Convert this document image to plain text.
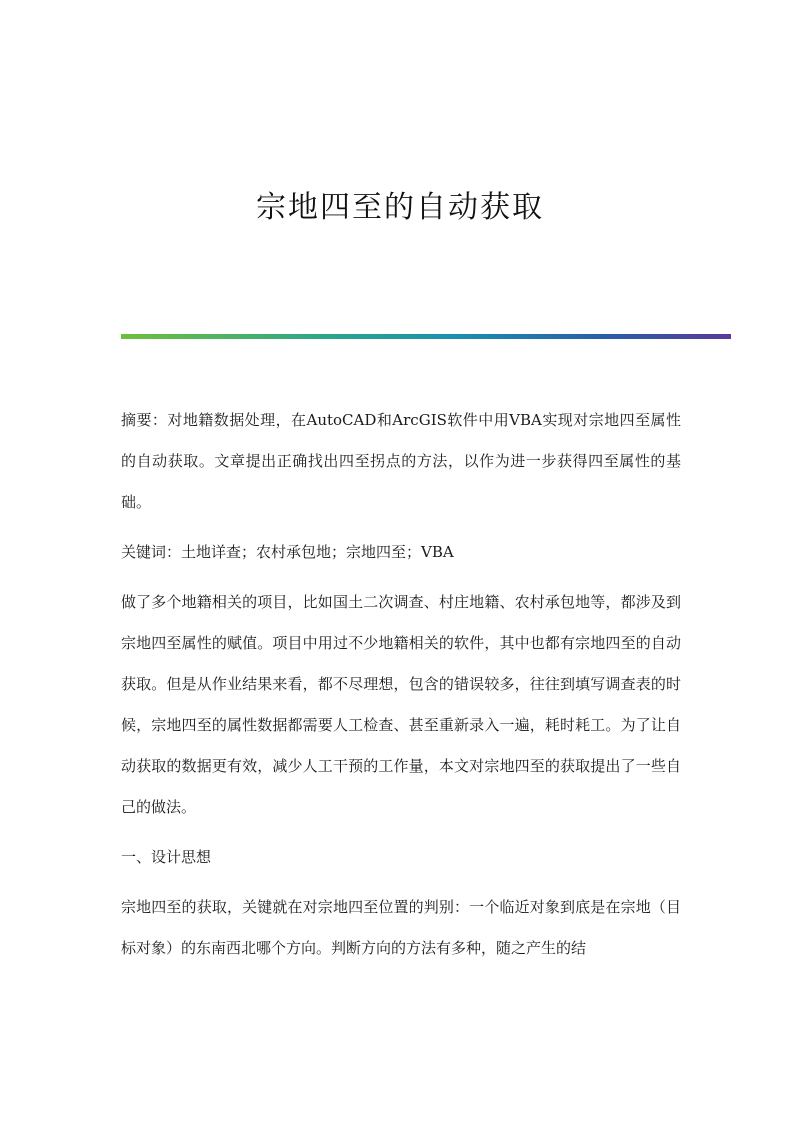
宗地四至的自动获取

摘要：对地籍数据处理，在AutoCAD和ArcGIS软件中用VBA实现对宗地四至属性的自动获取。文章提出正确找出四至拐点的方法，以作为进一步获得四至属性的基础。

关键词：土地详查；农村承包地；宗地四至；VBA

做了多个地籍相关的项目，比如国土二次调查、村庄地籍、农村承包地等，都涉及到宗地四至属性的赋值。项目中用过不少地籍相关的软件，其中也都有宗地四至的自动获取。但是从作业结果来看，都不尽理想，包含的错误较多，往往到填写调查表的时候，宗地四至的属性数据都需要人工检查、甚至重新录入一遍，耗时耗工。为了让自动获取的数据更有效，减少人工干预的工作量，本文对宗地四至的获取提出了一些自己的做法。

一、设计思想

宗地四至的获取，关键就在对宗地四至位置的判别：一个临近对象到底是在宗地（目标对象）的东南西北哪个方向。判断方向的方法有多种，随之产生的结
